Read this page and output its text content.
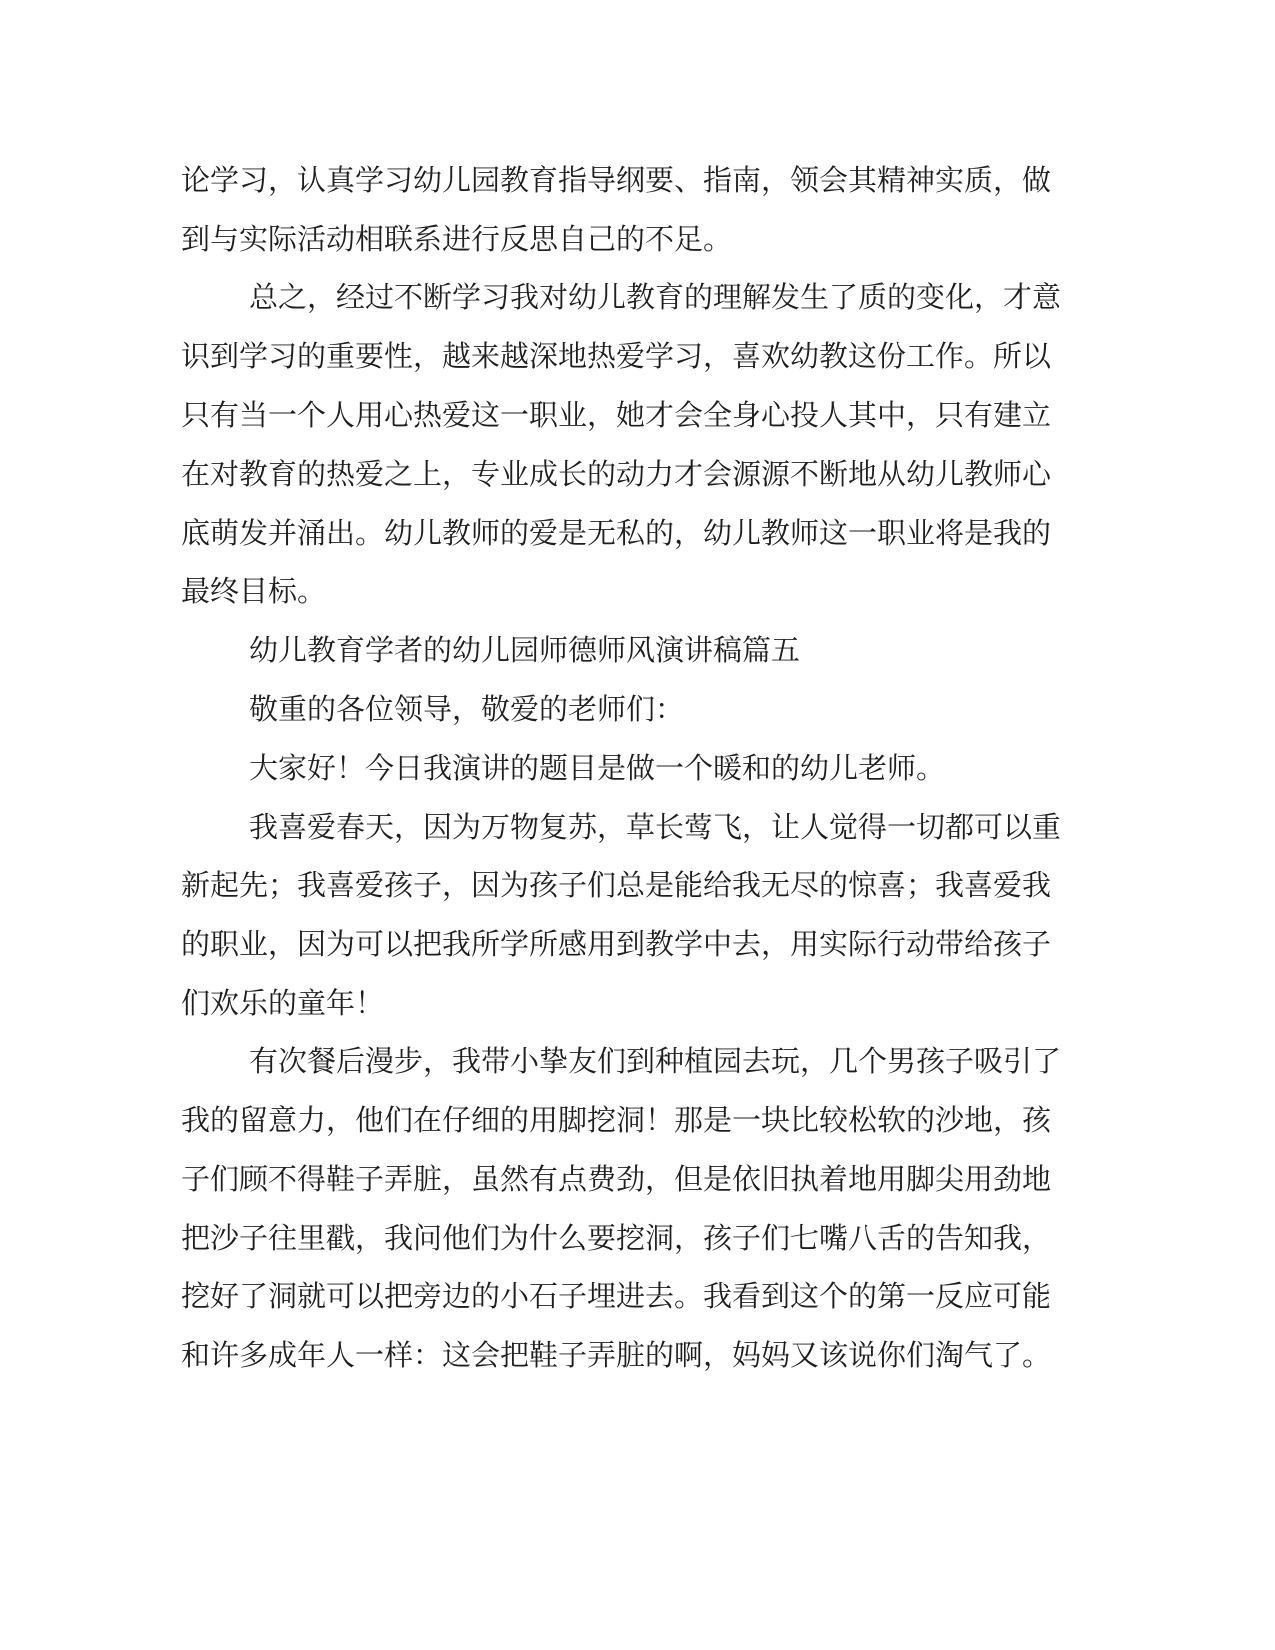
论学习，认真学习幼儿园教育指导纲要、指南，领会其精神实质，做
到与实际活动相联系进行反思自己的不足。
总之，经过不断学习我对幼儿教育的理解发生了质的变化，才意
识到学习的重要性，越来越深地热爱学习，喜欢幼教这份工作。所以
只有当一个人用心热爱这一职业，她才会全身心投人其中，只有建立
在对教育的热爱之上，专业成长的动力才会源源不断地从幼儿教师心
底萌发并涌出。幼儿教师的爱是无私的，幼儿教师这一职业将是我的
最终目标。
幼儿教育学者的幼儿园师德师风演讲稿篇五
敬重的各位领导，敬爱的老师们：
大家好！今日我演讲的题目是做一个暖和的幼儿老师。
我喜爱春天，因为万物复苏，草长莺飞，让人觉得一切都可以重
新起先；我喜爱孩子，因为孩子们总是能给我无尽的惊喜；我喜爱我
的职业，因为可以把我所学所感用到教学中去，用实际行动带给孩子
们欢乐的童年！
有次餐后漫步，我带小挚友们到种植园去玩，几个男孩子吸引了
我的留意力，他们在仔细的用脚挖洞！那是一块比较松软的沙地，孩
子们顾不得鞋子弄脏，虽然有点费劲，但是依旧执着地用脚尖用劲地
把沙子往里戳，我问他们为什么要挖洞，孩子们七嘴八舌的告知我，
挖好了洞就可以把旁边的小石子埋进去。我看到这个的第一反应可能
和许多成年人一样：这会把鞋子弄脏的啊，妈妈又该说你们淘气了。
